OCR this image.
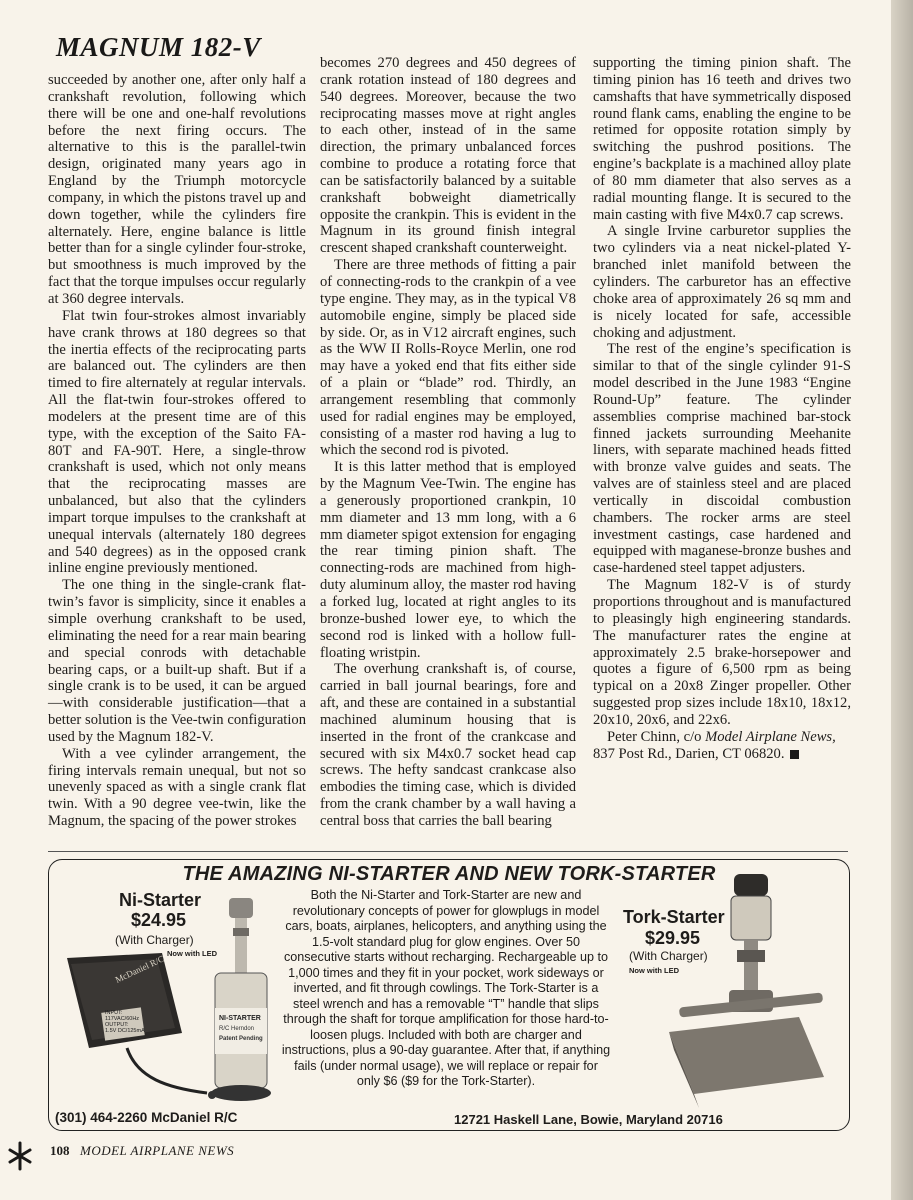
MAGNUM 182-V

succeeded by another one, after only half a crankshaft revolution, following which there will be one and one-half revolutions before the next firing occurs. The alternative to this is the parallel-twin design, originated many years ago in England by the Triumph motorcycle company, in which the pistons travel up and down together, while the cylinders fire alternately. Here, engine balance is little better than for a single cylinder four-stroke, but smoothness is much improved by the fact that the torque impulses occur regularly at 360 degree intervals.

Flat twin four-strokes almost invariably have crank throws at 180 degrees so that the inertia effects of the reciprocating parts are balanced out. The cylinders are then timed to fire alternately at regular intervals. All the flat-twin four-strokes offered to modelers at the present time are of this type, with the exception of the Saito FA-80T and FA-90T. Here, a single-throw crankshaft is used, which not only means that the reciprocating masses are unbalanced, but also that the cylinders impart torque impulses to the crankshaft at unequal intervals (alternately 180 degrees and 540 degrees) as in the opposed crank inline engine previously mentioned.

The one thing in the single-crank flat-twin’s favor is simplicity, since it enables a simple overhung crankshaft to be used, eliminating the need for a rear main bearing and special conrods with detachable bearing caps, or a built-up shaft. But if a single crank is to be used, it can be argued—with considerable justification—that a better solution is the Vee-twin configuration used by the Magnum 182-V.

With a vee cylinder arrangement, the firing intervals remain unequal, but not so unevenly spaced as with a single crank flat twin. With a 90 degree vee-twin, like the Magnum, the spacing of the power strokes

becomes 270 degrees and 450 degrees of crank rotation instead of 180 degrees and 540 degrees. Moreover, because the two reciprocating masses move at right angles to each other, instead of in the same direction, the primary unbalanced forces combine to produce a rotating force that can be satisfactorily balanced by a suitable crankshaft bobweight diametrically opposite the crankpin. This is evident in the Magnum in its ground finish integral crescent shaped crankshaft counterweight.

There are three methods of fitting a pair of connecting-rods to the crankpin of a vee type engine. They may, as in the typical V8 automobile engine, simply be placed side by side. Or, as in V12 aircraft engines, such as the WW II Rolls-Royce Merlin, one rod may have a yoked end that fits either side of a plain or “blade” rod. Thirdly, an arrangement resembling that commonly used for radial engines may be employed, consisting of a master rod having a lug to which the second rod is pivoted.

It is this latter method that is employed by the Magnum Vee-Twin. The engine has a generously proportioned crankpin, 10 mm diameter and 13 mm long, with a 6 mm diameter spigot extension for engaging the rear timing pinion shaft. The connecting-rods are machined from high-duty aluminum alloy, the master rod having a forked lug, located at right angles to its bronze-bushed lower eye, to which the second rod is linked with a hollow full-floating wristpin.

The overhung crankshaft is, of course, carried in ball journal bearings, fore and aft, and these are contained in a substantial machined aluminum housing that is inserted in the front of the crankcase and secured with six M4x0.7 socket head cap screws. The hefty sandcast crankcase also embodies the timing case, which is divided from the crank chamber by a wall having a central boss that carries the ball bearing

supporting the timing pinion shaft. The timing pinion has 16 teeth and drives two camshafts that have symmetrically disposed round flank cams, enabling the engine to be retimed for opposite rotation simply by switching the pushrod positions. The engine’s backplate is a machined alloy plate of 80 mm diameter that also serves as a radial mounting flange. It is secured to the main casting with five M4x0.7 cap screws.

A single Irvine carburetor supplies the two cylinders via a neat nickel-plated Y-branched inlet manifold between the cylinders. The carburetor has an effective choke area of approximately 26 sq mm and is nicely located for safe, accessible choking and adjustment.

The rest of the engine’s specification is similar to that of the single cylinder 91-S model described in the June 1983 “Engine Round-Up” feature. The cylinder assemblies comprise machined bar-stock finned jackets surrounding Meehanite liners, with separate machined heads fitted with bronze valve guides and seats. The valves are of stainless steel and are placed vertically in discoidal combustion chambers. The rocker arms are steel investment castings, case hardened and equipped with maganese-bronze bushes and case-hardened steel tappet adjusters.

The Magnum 182-V is of sturdy proportions throughout and is manufactured to pleasingly high engineering standards. The manufacturer rates the engine at approximately 2.5 brake-horsepower and quotes a figure of 6,500 rpm as being typical on a 20x8 Zinger propeller. Other suggested prop sizes include 18x10, 18x12, 20x10, 20x6, and 22x6.

Peter Chinn, c/o Model Airplane News,
837 Post Rd., Darien, CT 06820.

THE AMAZING NI-STARTER AND NEW TORK-STARTER
Ni-Starter
$24.95
(With Charger)
Now with LED
McDaniel R/C
INPUT:
117VAC/60Hz
OUTPUT:
1.5V DC/125mA
NI-STARTER
R/C Herndon
Patent Pending
Both the Ni-Starter and Tork-Starter are new and revolutionary concepts of power for glowplugs in model cars, boats, airplanes, helicopters, and anything using the 1.5-volt standard plug for glow engines. Over 50 consecutive starts without recharging. Rechargeable up to 1,000 times and they fit in your pocket, work sideways or inverted, and fit through cowlings. The Tork-Starter is a steel wrench and has a removable “T” handle that slips through the shaft for torque amplification for those hard-to-loosen plugs. Included with both are charger and instructions, plus a 90-day guarantee. After that, if anything fails (under normal usage), we will replace or repair for only $6 ($9 for the Tork-Starter).
Tork-Starter
$29.95
(With Charger)
Now with LED
(301) 464-2260 McDaniel R/C	12721 Haskell Lane, Bowie, Maryland 20716
108 MODEL AIRPLANE NEWS
